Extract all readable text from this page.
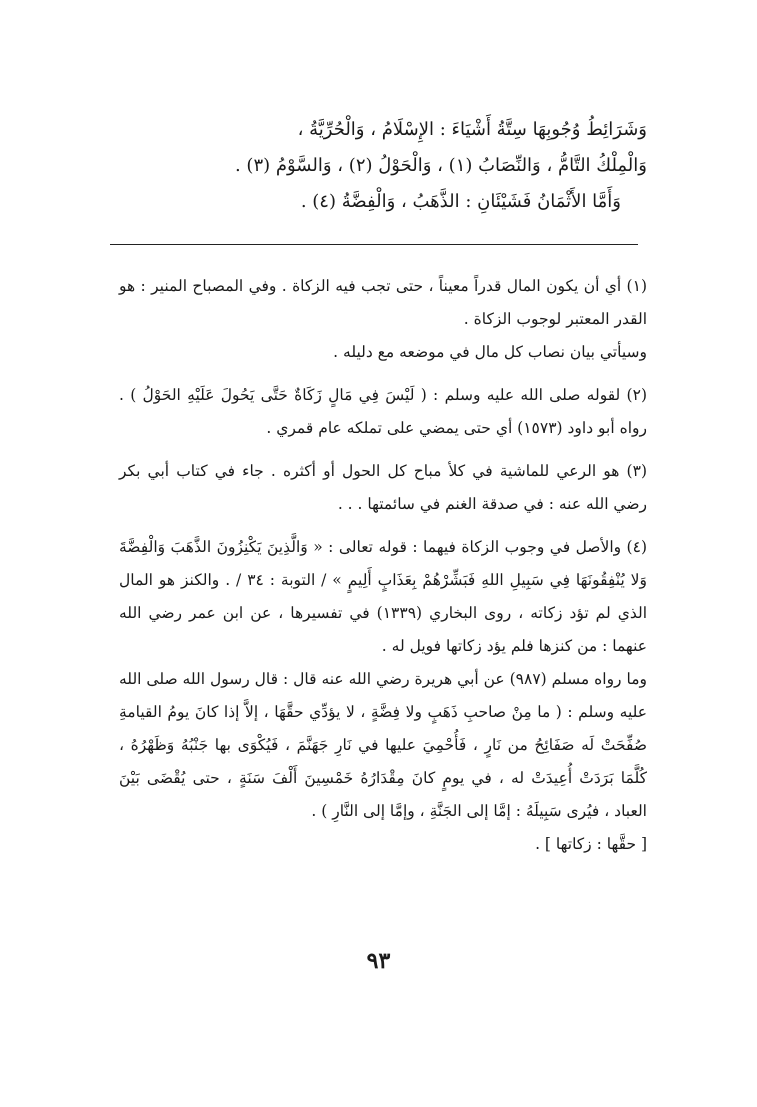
وَشَرَائِطُ وُجُوبِهَا سِتَّةُ أَشْيَاءَ : الإِسْلَامُ ، وَالْحُرِّيَّةُ ،

وَالْمِلْكُ التَّامُّ ، وَالنِّصَابُ (١) ، وَالْحَوْلُ (٢) ، وَالسَّوْمُ (٣) .

وَأَمَّا الأَثْمَانُ فَشَيْئَانِ : الذَّهَبُ ، وَالْفِضَّةُ (٤) .

(١) أي أن يكون المال قدراً معيناً ، حتى تجب فيه الزكاة . وفي المصباح المنير : هو القدر المعتبر لوجوب الزكاة .
وسيأتي بيان نصاب كل مال في موضعه مع دليله .
(٢) لقوله صلى الله عليه وسلم : ( لَيْسَ فِي مَالٍ زَكَاةٌ حَتَّى يَحُولَ عَلَيْهِ الحَوْلُ ) . رواه أبو داود (١٥٧٣) أي حتى يمضي على تملكه عام قمري .
(٣) هو الرعي للماشية في كلأ مباح كل الحول أو أكثره . جاء في كتاب أبي بكر رضي الله عنه : في صدقة الغنم في سائمتها . . .
(٤) والأصل في وجوب الزكاة فيهما : قوله تعالى : « وَالَّذِينَ يَكْنِزُونَ الذَّهَبَ وَالْفِضَّةَ وَلا يُنْفِقُونَهَا فِي سَبِيلِ اللهِ فَبَشِّرْهُمْ بِعَذَابٍ أَلِيمٍ » / التوبة : ٣٤ / . والكنز هو المال الذي لم تؤد زكاته ، روى البخاري (١٣٣٩) في تفسيرها ، عن ابن عمر رضي الله عنهما : من كنزها فلم يؤد زكاتها فويل له .
وما رواه مسلم (٩٨٧) عن أبي هريرة رضي الله عنه قال : قال رسول الله صلى الله عليه وسلم : ( ما مِنْ صاحبِ ذَهَبٍ ولا فِضَّةٍ ، لا يؤدِّي حقَّهَا ، إلاَّ إذا كانَ يومُ القيامةِ صُفِّحَتْ لَه صَفَائِحُ من نَارٍ ، فَأُحْمِيَ عليها في نَارِ جَهَنَّمَ ، فَيُكْوَى بها جَنْبُهُ وَظَهْرُهُ ، كُلَّمَا بَرَدَتْ أُعِيدَتْ له ، في يومٍ كانَ مِقْدَارُهُ خَمْسِينَ أَلْفَ سَنَةٍ ، حتى يُقْضَى بَيْنَ العباد ، فيُرى سَبِيلَهُ : إمَّا إلى الجَنَّةِ ، وإمَّا إلى النَّارِ ) .
[ حقَّها : زكاتها ] .
٩٣
